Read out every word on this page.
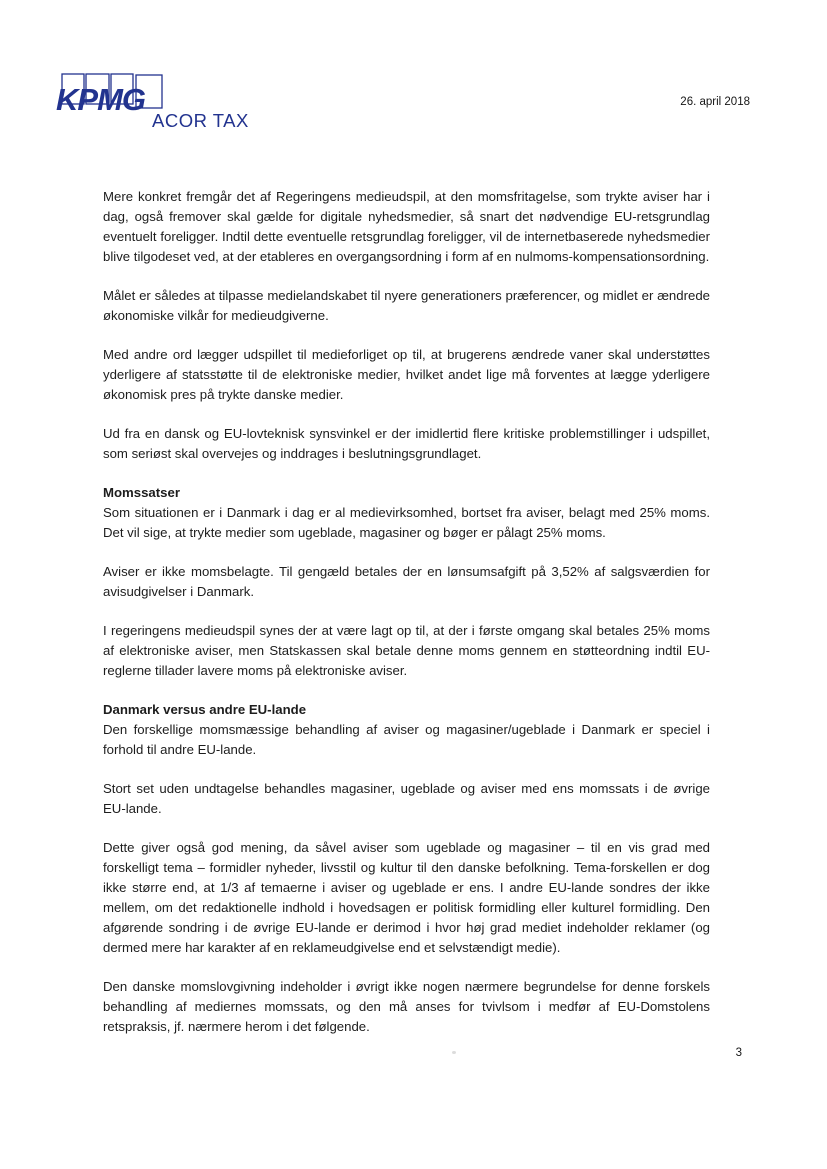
KPMG
ACOR TAX
26. april 2018

Mere konkret fremgår det af Regeringens medieudspil, at den momsfritagelse, som trykte aviser har i dag, også fremover skal gælde for digitale nyhedsmedier, så snart det nødvendige EU-retsgrundlag eventuelt foreligger. Indtil dette eventuelle retsgrundlag foreligger, vil de internetbaserede nyhedsmedier blive tilgodeset ved, at der etableres en overgangsordning i form af en nulmoms-kompensationsordning.

Målet er således at tilpasse medielandskabet til nyere generationers præferencer, og midlet er ændrede økonomiske vilkår for medieudgiverne.

Med andre ord lægger udspillet til medieforliget op til, at brugerens ændrede vaner skal understøttes yderligere af statsstøtte til de elektroniske medier, hvilket andet lige må forventes at lægge yderligere økonomisk pres på trykte danske medier.

Ud fra en dansk og EU-lovteknisk synsvinkel er der imidlertid flere kritiske problemstillinger i udspillet, som seriøst skal overvejes og inddrages i beslutningsgrundlaget.

Momssatser

Som situationen er i Danmark i dag er al medievirksomhed, bortset fra aviser, belagt med 25% moms. Det vil sige, at trykte medier som ugeblade, magasiner og bøger er pålagt 25% moms.

Aviser er ikke momsbelagte. Til gengæld betales der en lønsumsafgift på 3,52% af salgsværdien for avisudgivelser i Danmark.

I regeringens medieudspil synes der at være lagt op til, at der i første omgang skal betales 25% moms af elektroniske aviser, men Statskassen skal betale denne moms gennem en støtteordning indtil EU-reglerne tillader lavere moms på elektroniske aviser.

Danmark versus andre EU-lande

Den forskellige momsmæssige behandling af aviser og magasiner/ugeblade i Danmark er speciel i forhold til andre EU-lande.

Stort set uden undtagelse behandles magasiner, ugeblade og aviser med ens momssats i de øvrige EU-lande.

Dette giver også god mening, da såvel aviser som ugeblade og magasiner – til en vis grad med forskelligt tema – formidler nyheder, livsstil og kultur til den danske befolkning. Tema-forskellen er dog ikke større end, at 1/3 af temaerne i aviser og ugeblade er ens. I andre EU-lande sondres der ikke mellem, om det redaktionelle indhold i hovedsagen er politisk formidling eller kulturel formidling. Den afgørende sondring i de øvrige EU-lande er derimod i hvor høj grad mediet indeholder reklamer (og dermed mere har karakter af en reklameudgivelse end et selvstændigt medie).

Den danske momslovgivning indeholder i øvrigt ikke nogen nærmere begrundelse for denne forskels behandling af mediernes momssats, og den må anses for tvivlsom i medfør af EU-Domstolens retspraksis, jf. nærmere herom i det følgende.

3
